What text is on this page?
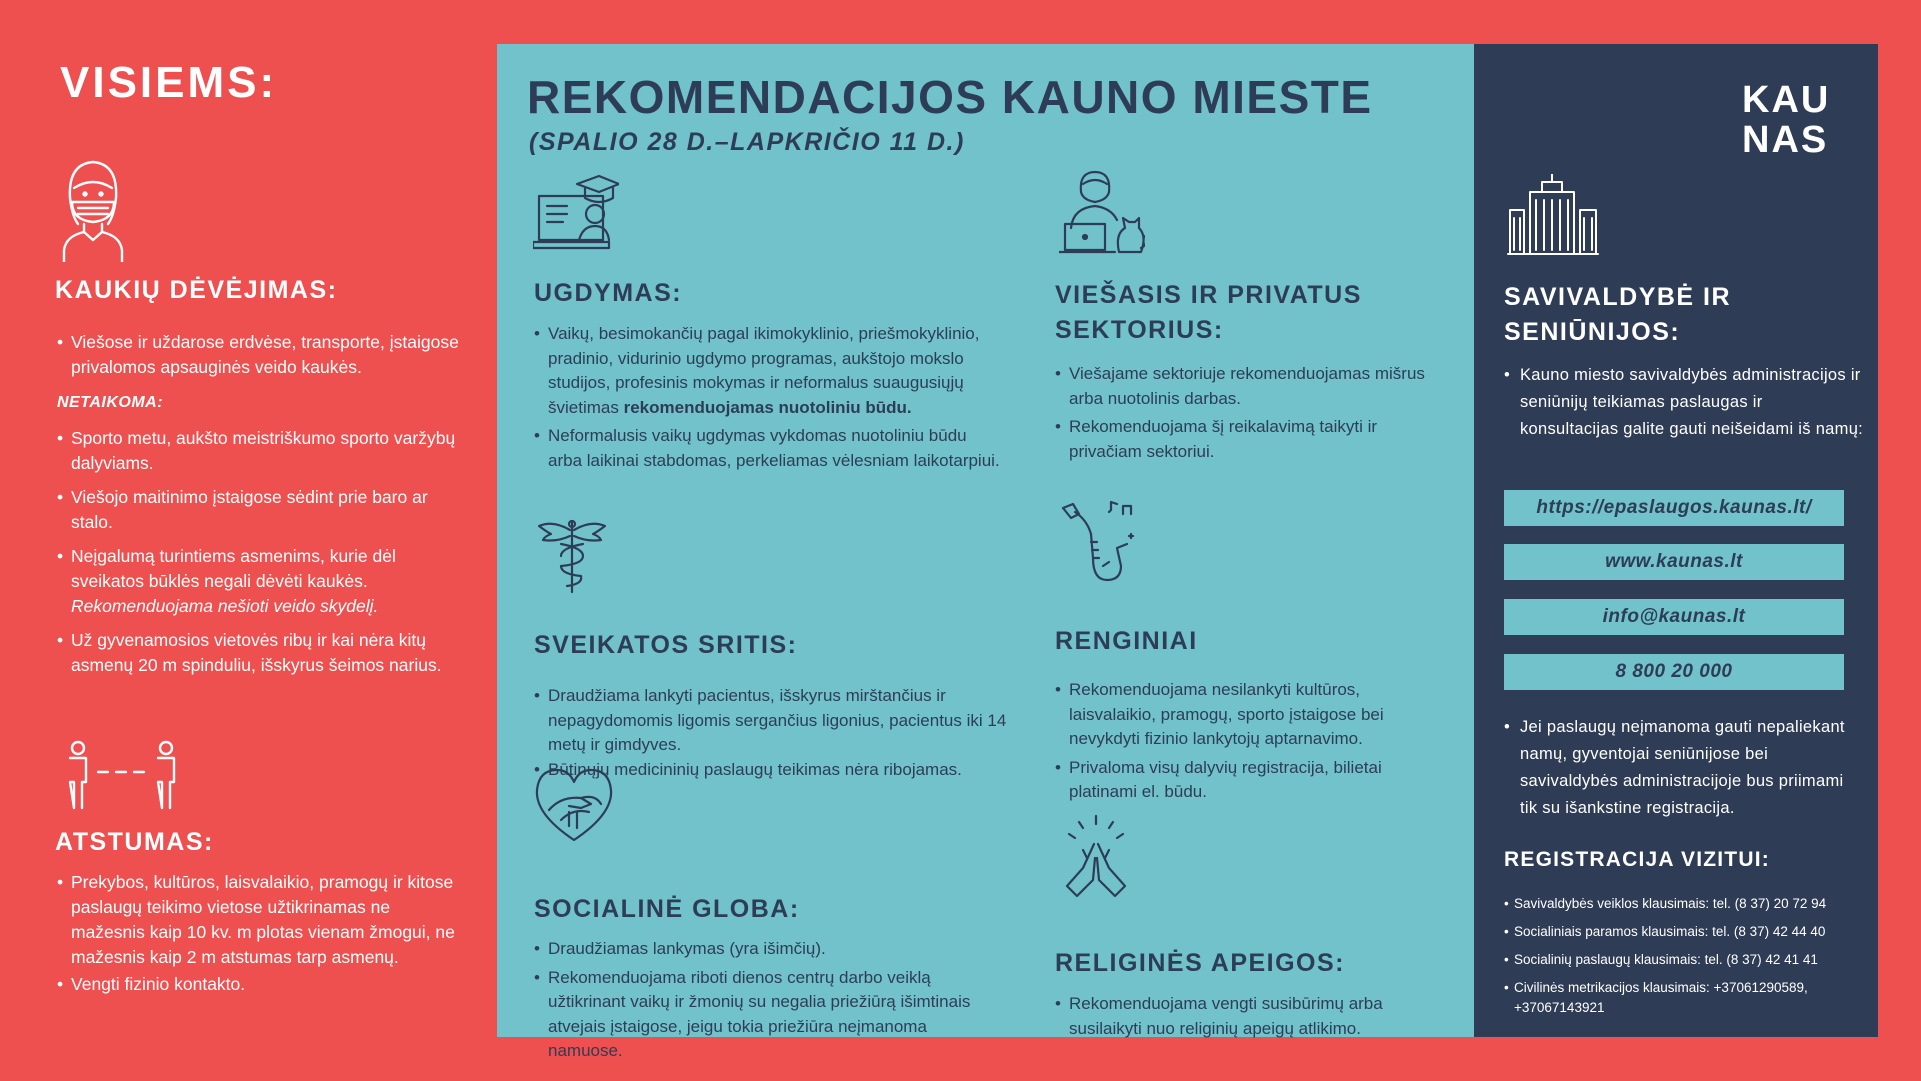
VISIEMS:
KAUKIŲ DĖVĖJIMAS:
• Viešose ir uždarose erdvėse, transporte, įstaigose privalomos apsauginės veido kaukės.
NETAIKOMA:
• Sporto metu, aukšto meistriškumo sporto varžybų dalyviams.
• Viešojo maitinimo įstaigose sėdint prie baro ar stalo.
• Neįgalumą turintiems asmenims, kurie dėl sveikatos būklės negali dėvėti kaukės.
Rekomenduojama nešioti veido skydelį.
• Už gyvenamosios vietovės ribų ir kai nėra kitų asmenų 20 m spinduliu, išskyrus šeimos narius.
ATSTUMAS:
• Prekybos, kultūros, laisvalaikio, pramogų ir kitose paslaugų teikimo vietose užtikrinamas ne mažesnis kaip 10 kv. m plotas vienam žmogui, ne mažesnis kaip 2 m atstumas tarp asmenų.
• Vengti fizinio kontakto.
REKOMENDACIJOS KAUNO MIESTE
(SPALIO 28 D.–LAPKRIČIO 11 D.)
UGDYMAS:
• Vaikų, besimokančių pagal ikimokyklinio, priešmokyklinio, pradinio, vidurinio ugdymo programas, aukštojo mokslo studijos, profesinis mokymas ir neformalus suaugusiųjų švietimas rekomenduojamas nuotoliniu būdu.
• Neformalusis vaikų ugdymas vykdomas nuotoliniu būdu arba laikinai stabdomas, perkeliamas vėlesniam laikotarpiui.
SVEIKATOS SRITIS:
• Draudžiama lankyti pacientus, išskyrus mirštančius ir nepagydomomis ligomis sergančius ligonius, pacientus iki 14 metų ir gimdyves.
• Būtinųjų medicininių paslaugų teikimas nėra ribojamas.
SOCIALINĖ GLOBA:
• Draudžiamas lankymas (yra išimčių).
• Rekomenduojama riboti dienos centrų darbo veiklą užtikrinant vaikų ir žmonių su negalia priežiūrą išimtinais atvejais įstaigose, jeigu tokia priežiūra neįmanoma namuose.
VIEŠASIS IR PRIVATUS SEKTORIUS:
• Viešajame sektoriuje rekomenduojamas mišrus arba nuotolinis darbas.
• Rekomenduojama šį reikalavimą taikyti ir privačiam sektoriui.
RENGINIAI
• Rekomenduojama nesilankyti kultūros, laisvalaikio, pramogų, sporto įstaigose bei nevykdyti fizinio lankytojų aptarnavimo.
• Privaloma visų dalyvių registracija, bilietai platinami el. būdu.
RELIGINĖS APEIGOS:
• Rekomenduojama vengti susibūrimų arba susilaikyti nuo religinių apeigų atlikimo.
KAU
NAS
SAVIVALDYBĖ IR SENIŪNIJOS:
• Kauno miesto savivaldybės administracijos ir seniūnijų teikiamas paslaugas ir konsultacijas galite gauti neišeidami iš namų:
https://epaslaugos.kaunas.lt/
www.kaunas.lt
info@kaunas.lt
8 800 20 000
• Jei paslaugų neįmanoma gauti nepaliekant namų, gyventojai seniūnijose bei savivaldybės administracijoje bus priimami tik su išankstine registracija.
REGISTRACIJA VIZITUI:
• Savivaldybės veiklos klausimais: tel. (8 37) 20 72 94
• Socialiniais paramos klausimais: tel. (8 37) 42 44 40
• Socialinių paslaugų klausimais: tel. (8 37) 42 41 41
• Civilinės metrikacijos klausimais: +37061290589, +37067143921
